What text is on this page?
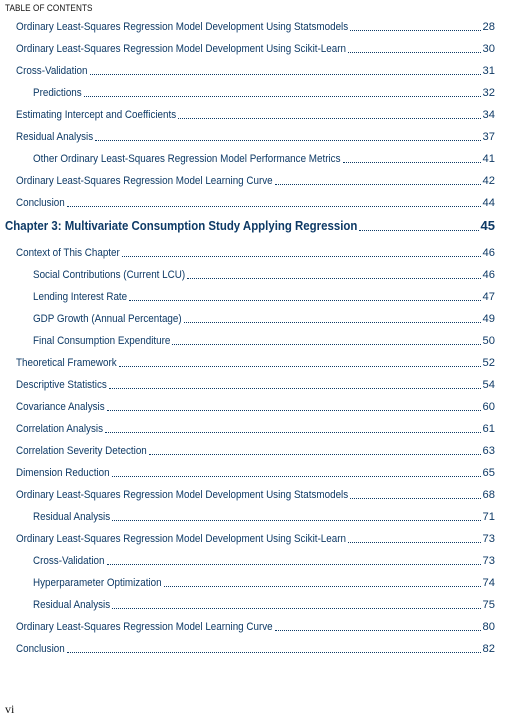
TABLE OF CONTENTS
Ordinary Least-Squares Regression Model Development Using Statsmodels	28
Ordinary Least-Squares Regression Model Development Using Scikit-Learn	30
Cross-Validation	31
Predictions	32
Estimating Intercept and Coefficients	34
Residual Analysis	37
Other Ordinary Least-Squares Regression Model Performance Metrics	41
Ordinary Least-Squares Regression Model Learning Curve	42
Conclusion	44
Chapter 3: Multivariate Consumption Study Applying Regression	45
Context of This Chapter	46
Social Contributions (Current LCU)	46
Lending Interest Rate	47
GDP Growth (Annual Percentage)	49
Final Consumption Expenditure	50
Theoretical Framework	52
Descriptive Statistics	54
Covariance Analysis	60
Correlation Analysis	61
Correlation Severity Detection	63
Dimension Reduction	65
Ordinary Least-Squares Regression Model Development Using Statsmodels	68
Residual Analysis	71
Ordinary Least-Squares Regression Model Development Using Scikit-Learn	73
Cross-Validation	73
Hyperparameter Optimization	74
Residual Analysis	75
Ordinary Least-Squares Regression Model Learning Curve	80
Conclusion	82
vi
